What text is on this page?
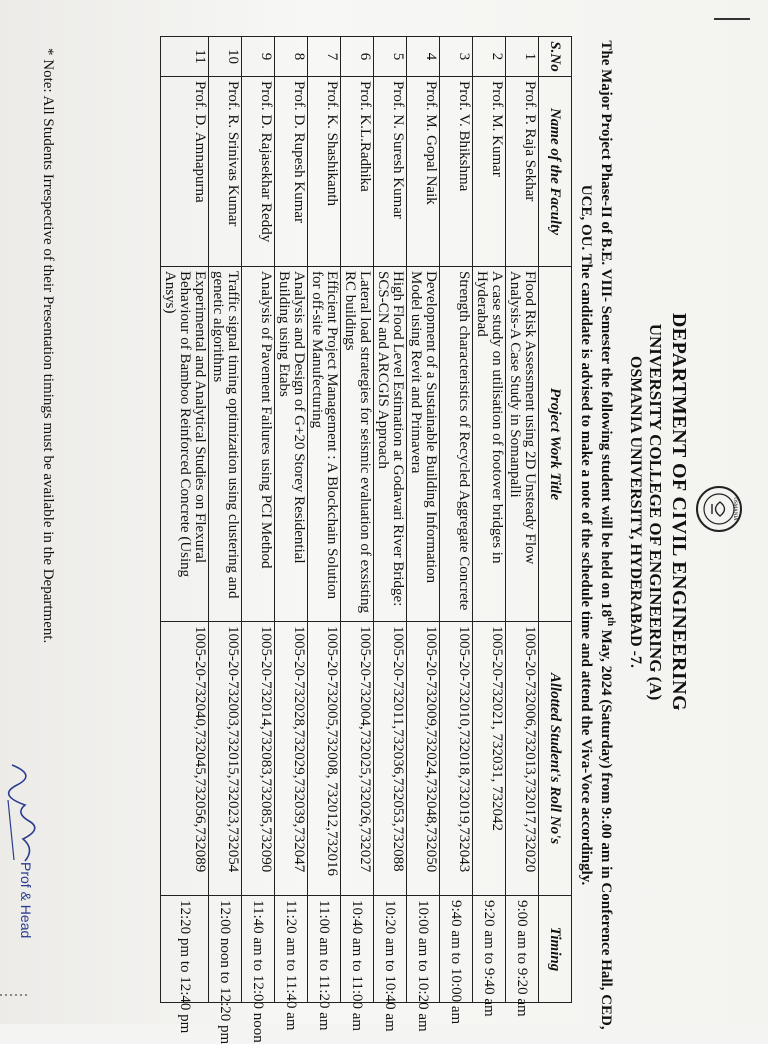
OSMANIA
DEPARTMENT OF CIVIL ENGINEERING
UNIVERSITY COLLEGE OF ENGINEERING (A)
OSMANIA UNIVERSITY, HYDERABAD -7.
The Major Project Phase-II of B.E. VIII- Semester the following student will be held on 18th May, 2024 (Saturday) from 9:.00 am in Conference Hall, CED, UCE, OU. The candidate is advised to make a note of the schedule time and attend the Viva-Voce accordingly.
S.No	Name of the Faculty	Project Work Title	Allotted Student's Roll No's	Timing
1	Prof. P. Raja Sekhar	Flood Risk Assessment using 2D Unsteady Flow Analysis-A Case Study in Somanpalli	1005-20-732006,732013,732017,732020	9:00 am to 9:20 am
2	Prof. M. Kumar	A case study on utilisation of footover bridges in Hyderabad	1005-20-732021, 732031, 732042	9:20 am to 9:40 am
3	Prof. V. Bhikshma	Strength characteristics of Recycled Aggregate Concrete	1005-20-732010,732018,732019,732043	9:40 am to 10:00 am
4	Prof. M. Gopal Naik	Development of a Sustainable Building Information Model using Revit and Primavera	1005-20-732009,732024,732048,732050	10:00 am to 10:20 am
5	Prof. N. Suresh Kumar	High Flood Level Estimation at Godavari River Bridge: SCS-CN and ARCGIS Approach	1005-20-732011,732036,732053,732088	10:20 am to 10:40 am
6	Prof. K.L.Radhika	Lateral load strategies for seismic evaluation of exsisting RC buildings	1005-20-732004,732025,732026,732027	10:40 am to 11:00 am
7	Prof. K. Shashikanth	Efficient Project Management : A Blockchain Solution for off-site Manufecturing	1005-20-732005,732008, 732012,732016	11:00 am to 11:20 am
8	Prof. D. Rupesh Kumar	Analysis and Design of G+20 Storey Residential Building using Etabs	1005-20-732028,732029,732039,732047	11:20 am to 11:40 am
9	Prof. D. Rajasekhar Reddy	Analysis of Pavement Failures using PCI Method	1005-20-732014,732083,732085,732090	11:40 am to 12:00 noon
10	Prof. R. Srinivas Kumar	Traffic signal timing optimization using clustering and genetic algorithms	1005-20-732003,732015,732023,732054	12:00 noon to 12:20 pm
11	Prof. D. Amnapurna	Experimental and Analytical Studies on Flexural Behaviour of Bamboo Reinforced Concrete (Using Ansys)	1005-20-732040,732045,732056,732089	12:20 pm to 12:40 pm
* Note: All Students Irrespective of their Presentation timings must be available in the Department.
Prof & Head
